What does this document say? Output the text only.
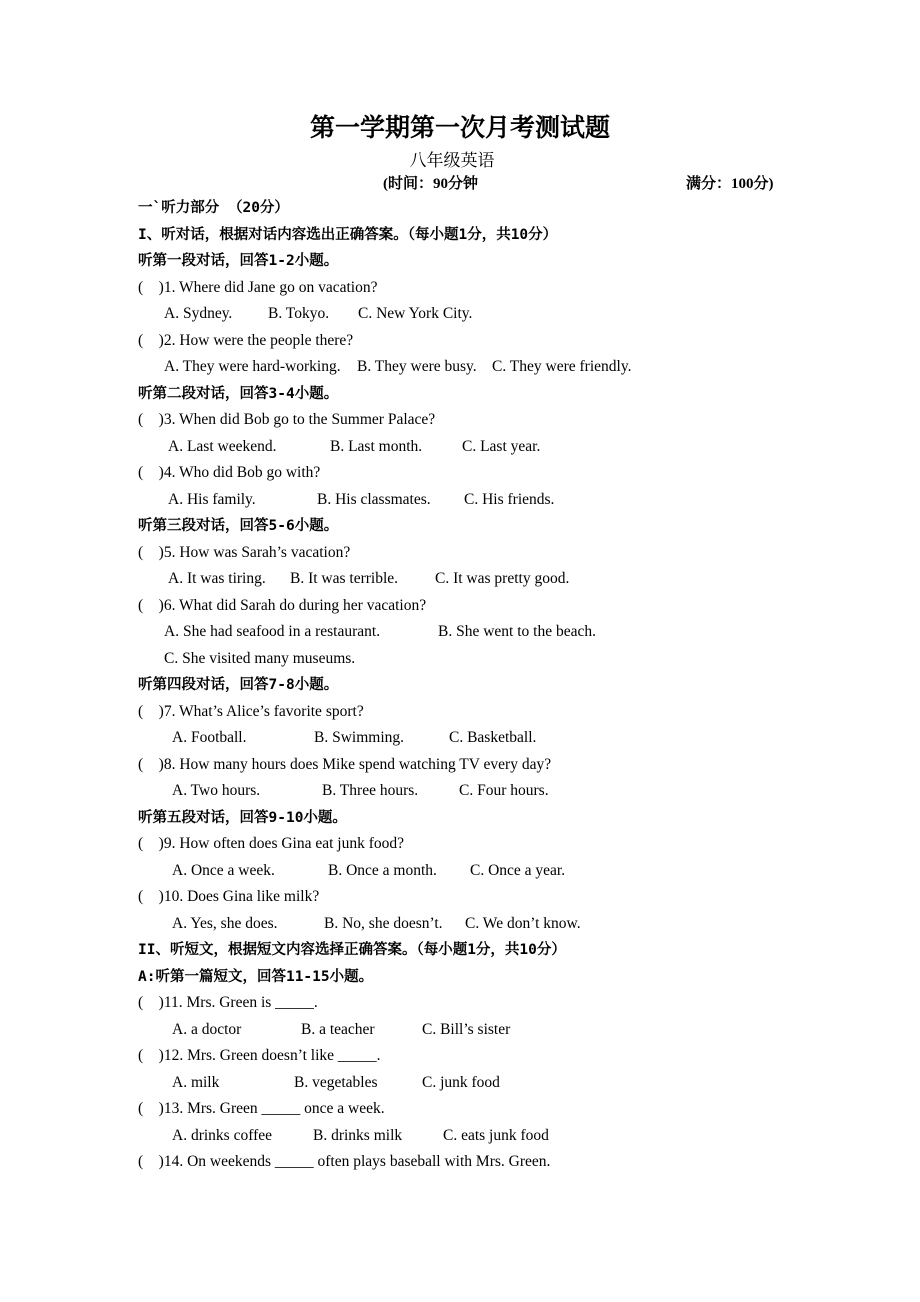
第一学期第一次月考测试题
八年级英语
(时间：90分钟	满分：100分)
一`听力部分 （20分）
I、听对话，根据对话内容选出正确答案。（每小题1分，共10分）
听第一段对话，回答1-2小题。
(    )1. Where did Jane go on vacation?
A. Sydney. B. Tokyo. C. New York City.
(    )2. How were the people there?
A. They were hard-working. B. They were busy. C. They were friendly.
听第二段对话，回答3-4小题。
(    )3. When did Bob go to the Summer Palace?
A. Last weekend.	B. Last month.	C. Last year.
(    )4. Who did Bob go with?
A. His family.	B. His classmates. C. His friends.
听第三段对话，回答5-6小题。
(    )5. How was Sarah’s vacation?
A. It was tiring. B. It was terrible. C. It was pretty good.
(    )6. What did Sarah do during her vacation?
A. She had seafood in a restaurant.	B. She went to the beach.
C. She visited many museums.
听第四段对话，回答7-8小题。
(    )7. What’s Alice’s favorite sport?
A. Football.	B. Swimming.	C. Basketball.
(    )8. How many hours does Mike spend watching TV every day?
A. Two hours.	B. Three hours.	C. Four hours.
听第五段对话，回答9-10小题。
(    )9. How often does Gina eat junk food?
A. Once a week.	B. Once a month. C. Once a year.
(    )10. Does Gina like milk?
A. Yes, she does.	B. No, she doesn’t. C. We don’t know.
II、听短文，根据短文内容选择正确答案。（每小题1分，共10分）
A:听第一篇短文，回答11-15小题。
(    )11. Mrs. Green is _____.
A. a doctor	B. a teacher	C. Bill’s sister
(    )12. Mrs. Green doesn’t like _____.
A. milk	B. vegetables	C. junk food
(    )13. Mrs. Green _____ once a week.
A. drinks coffee	B. drinks milk	C. eats junk food
(    )14. On weekends _____ often plays baseball with Mrs. Green.
